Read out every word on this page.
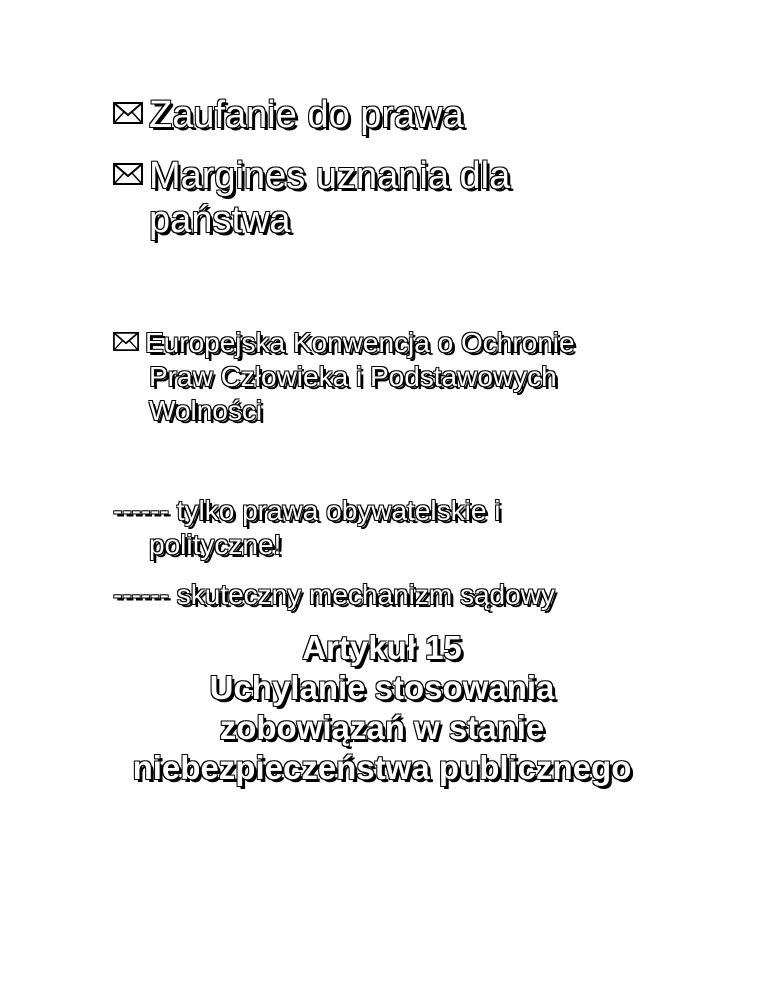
Zaufanie do prawa
Margines uznania dla
państwa
Europejska Konwencja o Ochronie
Praw Człowieka i Podstawowych
Wolności
------ tylko prawa obywatelskie i
polityczne!
------ skuteczny mechanizm sądowy
Artykuł 15
Uchylanie stosowania
zobowiązań w stanie
niebezpieczeństwa publicznego
